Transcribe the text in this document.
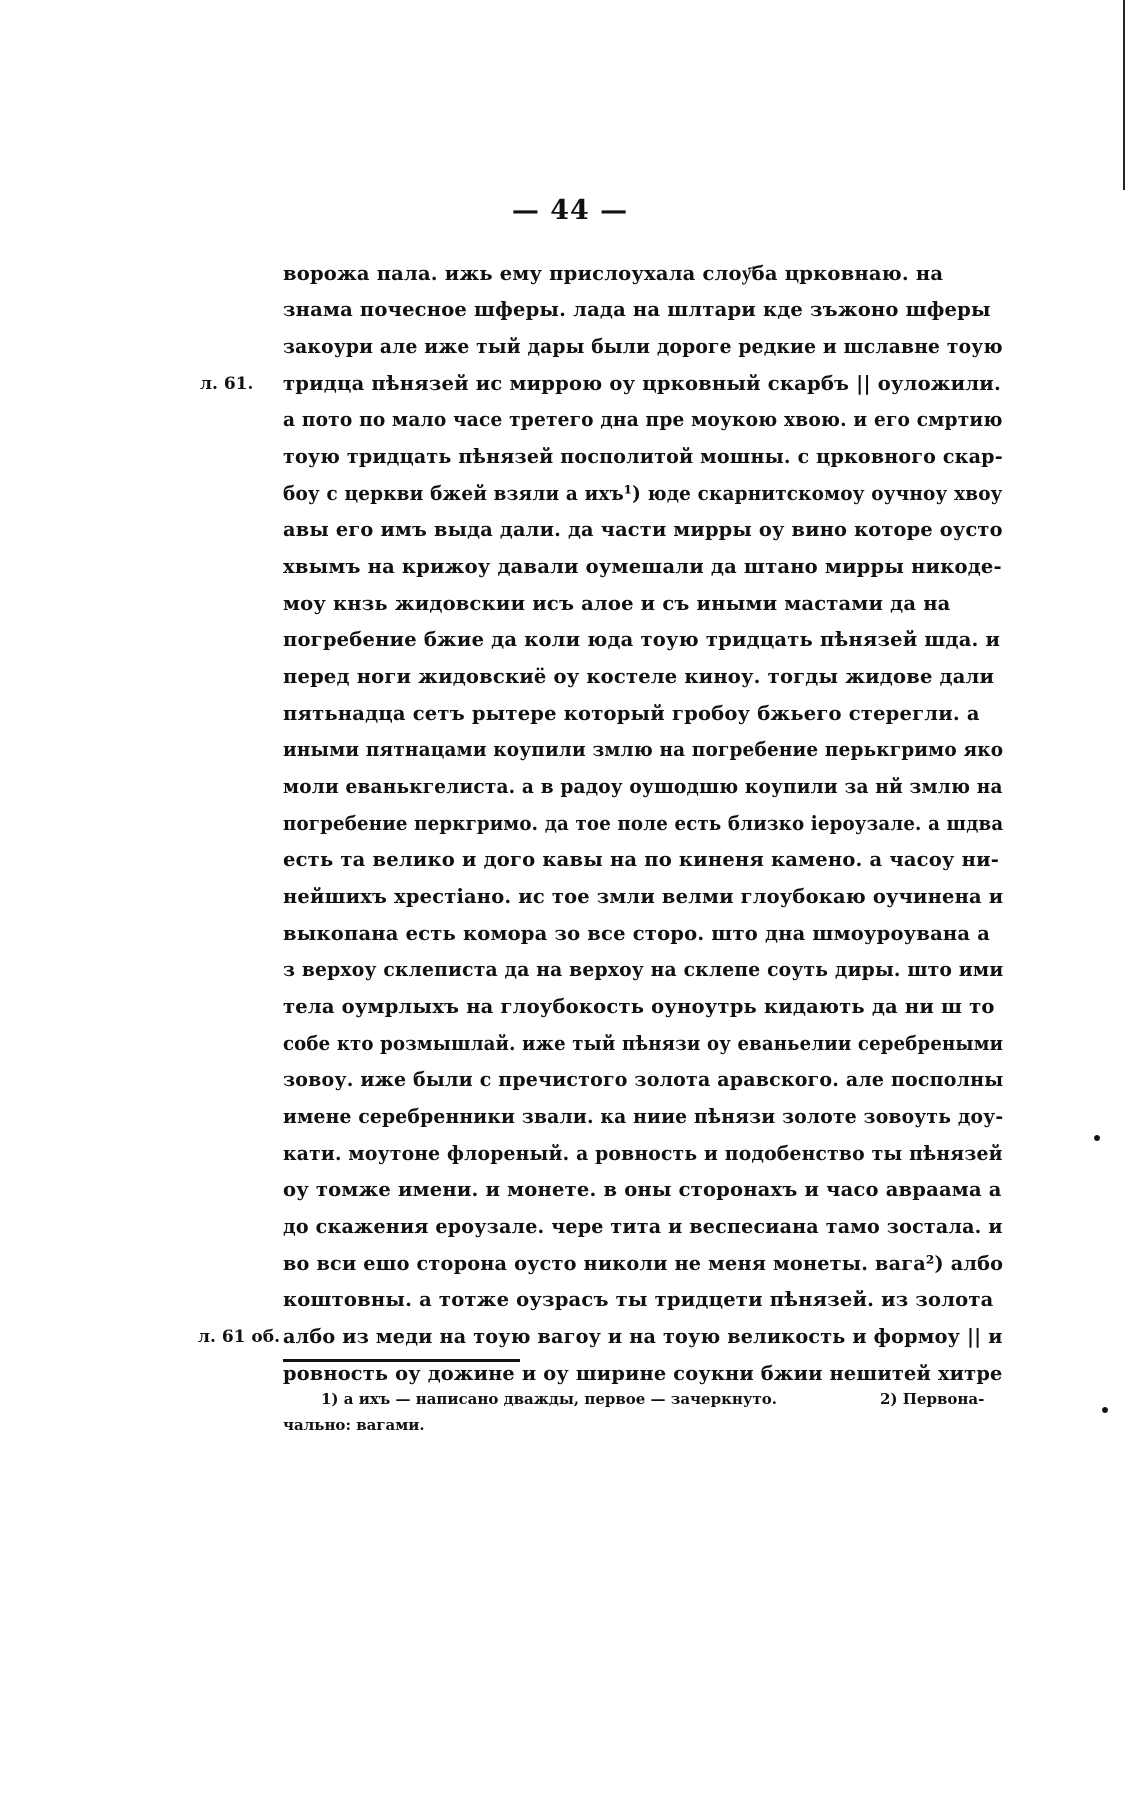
— 44 —
ворожа пала. ижь ему прислоухала слоу҃ба црковнаю. на
знама почесное шферы. лада на шлтари кде зъжоно шферы
закоури але иже тый дары были дороге редкие и шславне тоую
тридца пѣнязей ис миррою оу црковный скарбъ || оуложили.
а пото по мало часе третего дна пре моукою хвою. и его смртию
тоую тридцать пѣнязей посполитой мошны. с црковного скар-
боу с церкви бжей взяли а ихъ¹) юде скарнитскомоу оучноу хвоу
авы его имъ выда дали. да части мирры оу вино которе оусто
хвымъ на крижоу давали оумешали да штано мирры никоде-
моу кнзь жидовскии исъ алое и съ иными мастами да на
погребение бжие да коли юда тоую тридцать пѣнязей шда. и
перед ноги жидовскиё оу костеле киноу. тогды жидове дали
пятьнадца сетъ рытере который гробоу бжьего стерегли. а
иными пятнацами коупили змлю на погребение перькгримо яко
моли еванькгелиста. а в радоу оушодшю коупили за нй змлю на
погребение перкгримо. да тое поле есть близко iероузале. а шдва
есть та велико и дого кавы на по киненя камено. а часоу ни-
нейшихъ хрестiано. ис тое змли велми глоубокаю оучинена и
выкопана есть комора зо все сторо. што дна шмоуроувана а
з верхоу склеписта да на верхоу на склепе соуть диры. што ими
тела оумрлыхъ на глоубокость оуноутрь кидають да ни ш то
собе кто розмышлай. иже тый пѣнязи оу еваньелии серебреными
зовоу. иже были с пречистого золота аравского. але посполны
имене серебренники звали. ка ниие пѣнязи золоте зовоуть доу-
кати. моутоне флореный. а ровность и подобенство ты пѣнязей
оу томже имени. и монете. в оны сторонахъ и часо авраама а
до скажения ероузале. чере тита и веспесиана тамо зостала. и
во вси ешо сторона оусто николи не меня монеты. вага²) албо
коштовны. а тотже оузрасъ ты тридцети пѣнязей. из золота
албо из меди на тоую вагоу и на тоую великость и формоу || и
ровность оу дожине и оу ширине соукни бжии нешитей хитре
л. 61.
л. 61 об.
1) а ихъ — написано дважды, первое — зачеркнуто.	2) Первона-
чально: вагами.
